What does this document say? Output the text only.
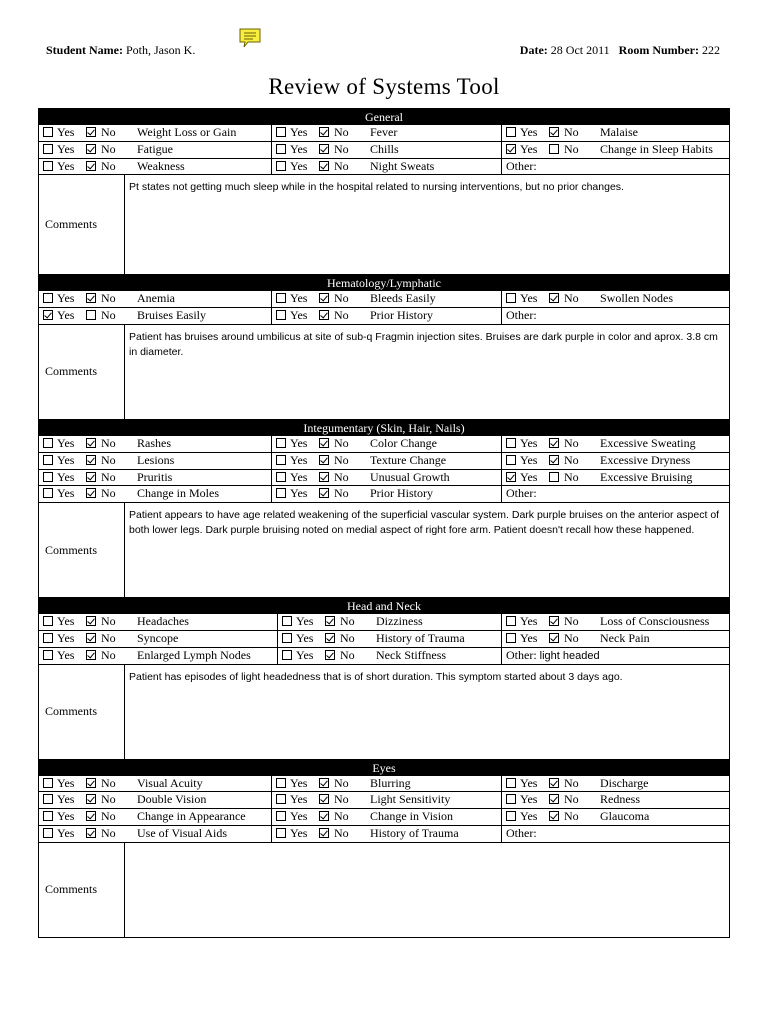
Student Name: Poth, Jason K.	Date: 28 Oct 2011 Room Number: 222
Review of Systems Tool
General
Yes No Weight Loss or Gain	Yes No Fever	Yes No Malaise
Yes No Fatigue	Yes No Chills	Yes No Change in Sleep Habits
Yes No Weakness	Yes No Night Sweats	Other:
Comments
Pt states not getting much sleep while in the hospital related to nursing interventions, but no prior changes.
Hematology/Lymphatic
Yes No Anemia	Yes No Bleeds Easily	Yes No Swollen Nodes
Yes No Bruises Easily	Yes No Prior History	Other:
Comments
Patient has bruises around umbilicus at site of sub-q Fragmin injection sites. Bruises are dark purple in color and aprox. 3.8 cm in diameter.
Integumentary (Skin, Hair, Nails)
Yes No Rashes	Yes No Color Change	Yes No Excessive Sweating
Yes No Lesions	Yes No Texture Change	Yes No Excessive Dryness
Yes No Pruritis	Yes No Unusual Growth	Yes No Excessive Bruising
Yes No Change in Moles	Yes No Prior History	Other:
Comments
Patient appears to have age related weakening of the superficial vascular system. Dark purple bruises on the anterior aspect of both lower legs. Dark purple bruising noted on medial aspect of right fore arm. Patient doesn't recall how these happened.
Head and Neck
Yes No Headaches	Yes No Dizziness	Yes No Loss of Consciousness
Yes No Syncope	Yes No History of Trauma	Yes No Neck Pain
Yes No Enlarged Lymph Nodes	Yes No Neck Stiffness	Other: light headed
Comments
Patient has episodes of light headedness that is of short duration. This symptom started about 3 days ago.
Eyes
Yes No Visual Acuity	Yes No Blurring	Yes No Discharge
Yes No Double Vision	Yes No Light Sensitivity	Yes No Redness
Yes No Change in Appearance	Yes No Change in Vision	Yes No Glaucoma
Yes No Use of Visual Aids	Yes No History of Trauma	Other:
Comments
